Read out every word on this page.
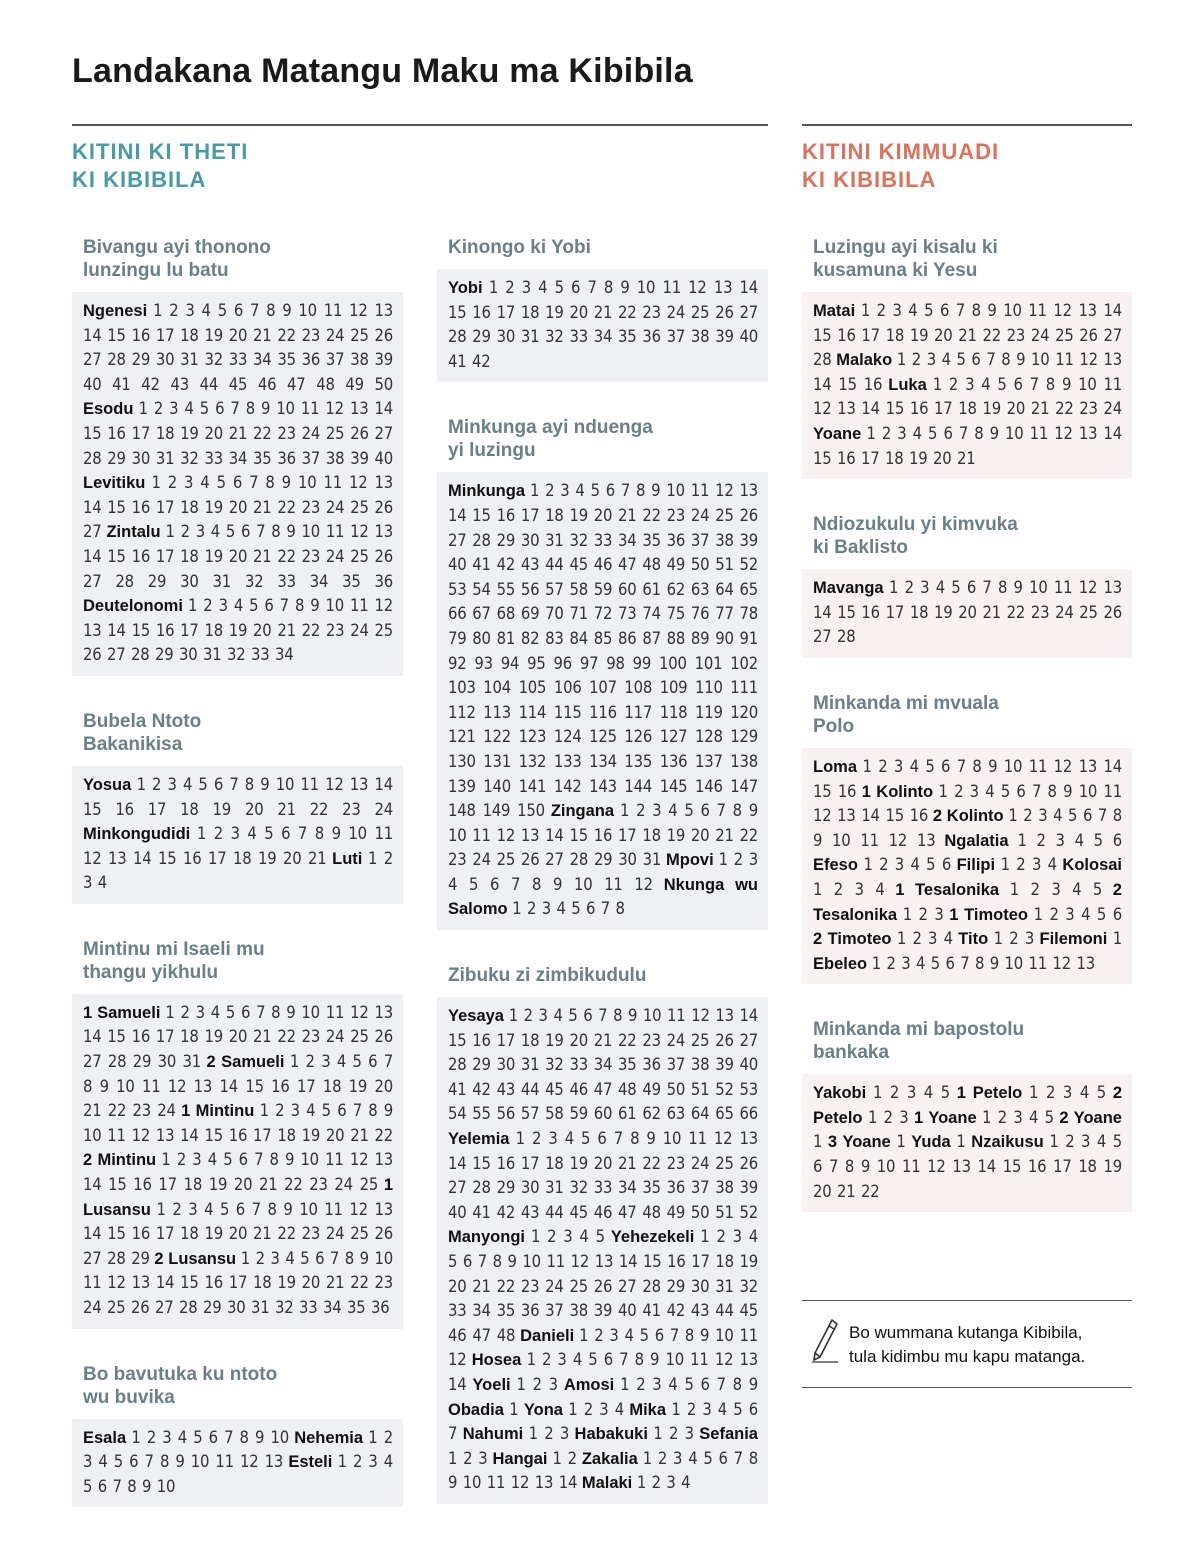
Landakana Matangu Maku ma Kibibila
KITINI KI THETI
KI KIBIBILA
KITINI KIMMUADI
KI KIBIBILA
Bivangu ayi thonono lunzingu lu batu
Ngenesi 1 2 3 4 5 6 7 8 9 10 11 12 13 14 15 16 17 18 19 20 21 22 23 24 25 26 27 28 29 30 31 32 33 34 35 36 37 38 39 40 41 42 43 44 45 46 47 48 49 50 Esodu 1 2 3 4 5 6 7 8 9 10 11 12 13 14 15 16 17 18 19 20 21 22 23 24 25 26 27 28 29 30 31 32 33 34 35 36 37 38 39 40 Levitiku 1 2 3 4 5 6 7 8 9 10 11 12 13 14 15 16 17 18 19 20 21 22 23 24 25 26 27 Zintalu 1 2 3 4 5 6 7 8 9 10 11 12 13 14 15 16 17 18 19 20 21 22 23 24 25 26 27 28 29 30 31 32 33 34 35 36 Deutelonomi 1 2 3 4 5 6 7 8 9 10 11 12 13 14 15 16 17 18 19 20 21 22 23 24 25 26 27 28 29 30 31 32 33 34
Bubela Ntoto Bakanikisa
Yosua 1 2 3 4 5 6 7 8 9 10 11 12 13 14 15 16 17 18 19 20 21 22 23 24 Minkongudidi 1 2 3 4 5 6 7 8 9 10 11 12 13 14 15 16 17 18 19 20 21 Luti 1 2 3 4
Mintinu mi Isaeli mu thangu yikhulu
1 Samueli 1 2 3 4 5 6 7 8 9 10 11 12 13 14 15 16 17 18 19 20 21 22 23 24 25 26 27 28 29 30 31 2 Samueli 1 2 3 4 5 6 7 8 9 10 11 12 13 14 15 16 17 18 19 20 21 22 23 24 1 Mintinu 1 2 3 4 5 6 7 8 9 10 11 12 13 14 15 16 17 18 19 20 21 22 2 Mintinu 1 2 3 4 5 6 7 8 9 10 11 12 13 14 15 16 17 18 19 20 21 22 23 24 25 1 Lusansu 1 2 3 4 5 6 7 8 9 10 11 12 13 14 15 16 17 18 19 20 21 22 23 24 25 26 27 28 29 2 Lusansu 1 2 3 4 5 6 7 8 9 10 11 12 13 14 15 16 17 18 19 20 21 22 23 24 25 26 27 28 29 30 31 32 33 34 35 36
Bo bavutuka ku ntoto wu buvika
Esala 1 2 3 4 5 6 7 8 9 10 Nehemia 1 2 3 4 5 6 7 8 9 10 11 12 13 Esteli 1 2 3 4 5 6 7 8 9 10
Kinongo ki Yobi
Yobi 1 2 3 4 5 6 7 8 9 10 11 12 13 14 15 16 17 18 19 20 21 22 23 24 25 26 27 28 29 30 31 32 33 34 35 36 37 38 39 40 41 42
Minkunga ayi nduenga yi luzingu
Minkunga 1 2 3 4 5 6 7 8 9 10 11 12 13 14 15 16 17 18 19 20 21 22 23 24 25 26 27 28 29 30 31 32 33 34 35 36 37 38 39 40 41 42 43 44 45 46 47 48 49 50 51 52 53 54 55 56 57 58 59 60 61 62 63 64 65 66 67 68 69 70 71 72 73 74 75 76 77 78 79 80 81 82 83 84 85 86 87 88 89 90 91 92 93 94 95 96 97 98 99 100 101 102 103 104 105 106 107 108 109 110 111 112 113 114 115 116 117 118 119 120 121 122 123 124 125 126 127 128 129 130 131 132 133 134 135 136 137 138 139 140 141 142 143 144 145 146 147 148 149 150 Zingana 1 2 3 4 5 6 7 8 9 10 11 12 13 14 15 16 17 18 19 20 21 22 23 24 25 26 27 28 29 30 31 Mpovi 1 2 3 4 5 6 7 8 9 10 11 12 Nkunga wu Salomo 1 2 3 4 5 6 7 8
Zibuku zi zimbikudulu
Yesaya 1 2 3 4 5 6 7 8 9 10 11 12 13 14 15 16 17 18 19 20 21 22 23 24 25 26 27 28 29 30 31 32 33 34 35 36 37 38 39 40 41 42 43 44 45 46 47 48 49 50 51 52 53 54 55 56 57 58 59 60 61 62 63 64 65 66 Yelemia 1 2 3 4 5 6 7 8 9 10 11 12 13 14 15 16 17 18 19 20 21 22 23 24 25 26 27 28 29 30 31 32 33 34 35 36 37 38 39 40 41 42 43 44 45 46 47 48 49 50 51 52 Manyongi 1 2 3 4 5 Yehezekeli 1 2 3 4 5 6 7 8 9 10 11 12 13 14 15 16 17 18 19 20 21 22 23 24 25 26 27 28 29 30 31 32 33 34 35 36 37 38 39 40 41 42 43 44 45 46 47 48 Danieli 1 2 3 4 5 6 7 8 9 10 11 12 Hosea 1 2 3 4 5 6 7 8 9 10 11 12 13 14 Yoeli 1 2 3 Amosi 1 2 3 4 5 6 7 8 9 Obadia 1 Yona 1 2 3 4 Mika 1 2 3 4 5 6 7 Nahumi 1 2 3 Habakuki 1 2 3 Sefania 1 2 3 Hangai 1 2 Zakalia 1 2 3 4 5 6 7 8 9 10 11 12 13 14 Malaki 1 2 3 4
Luzingu ayi kisalu ki kusamuna ki Yesu
Matai 1 2 3 4 5 6 7 8 9 10 11 12 13 14 15 16 17 18 19 20 21 22 23 24 25 26 27 28 Malako 1 2 3 4 5 6 7 8 9 10 11 12 13 14 15 16 Luka 1 2 3 4 5 6 7 8 9 10 11 12 13 14 15 16 17 18 19 20 21 22 23 24 Yoane 1 2 3 4 5 6 7 8 9 10 11 12 13 14 15 16 17 18 19 20 21
Ndiozukulu yi kimvuka ki Baklisto
Mavanga 1 2 3 4 5 6 7 8 9 10 11 12 13 14 15 16 17 18 19 20 21 22 23 24 25 26 27 28
Minkanda mi mvuala Polo
Loma 1 2 3 4 5 6 7 8 9 10 11 12 13 14 15 16 1 Kolinto 1 2 3 4 5 6 7 8 9 10 11 12 13 14 15 16 2 Kolinto 1 2 3 4 5 6 7 8 9 10 11 12 13 Ngalatia 1 2 3 4 5 6 Efeso 1 2 3 4 5 6 Filipi 1 2 3 4 Kolosai 1 2 3 4 1 Tesalonika 1 2 3 4 5 2 Tesalonika 1 2 3 1 Timoteo 1 2 3 4 5 6 2 Timoteo 1 2 3 4 Tito 1 2 3 Filemoni 1 Ebeleo 1 2 3 4 5 6 7 8 9 10 11 12 13
Minkanda mi bapostolu bankaka
Yakobi 1 2 3 4 5 1 Petelo 1 2 3 4 5 2 Petelo 1 2 3 1 Yoane 1 2 3 4 5 2 Yoane 1 3 Yoane 1 Yuda 1 Nzaikusu 1 2 3 4 5 6 7 8 9 10 11 12 13 14 15 16 17 18 19 20 21 22
Bo wummana kutanga Kibibila,
tula kidimbu mu kapu matanga.
